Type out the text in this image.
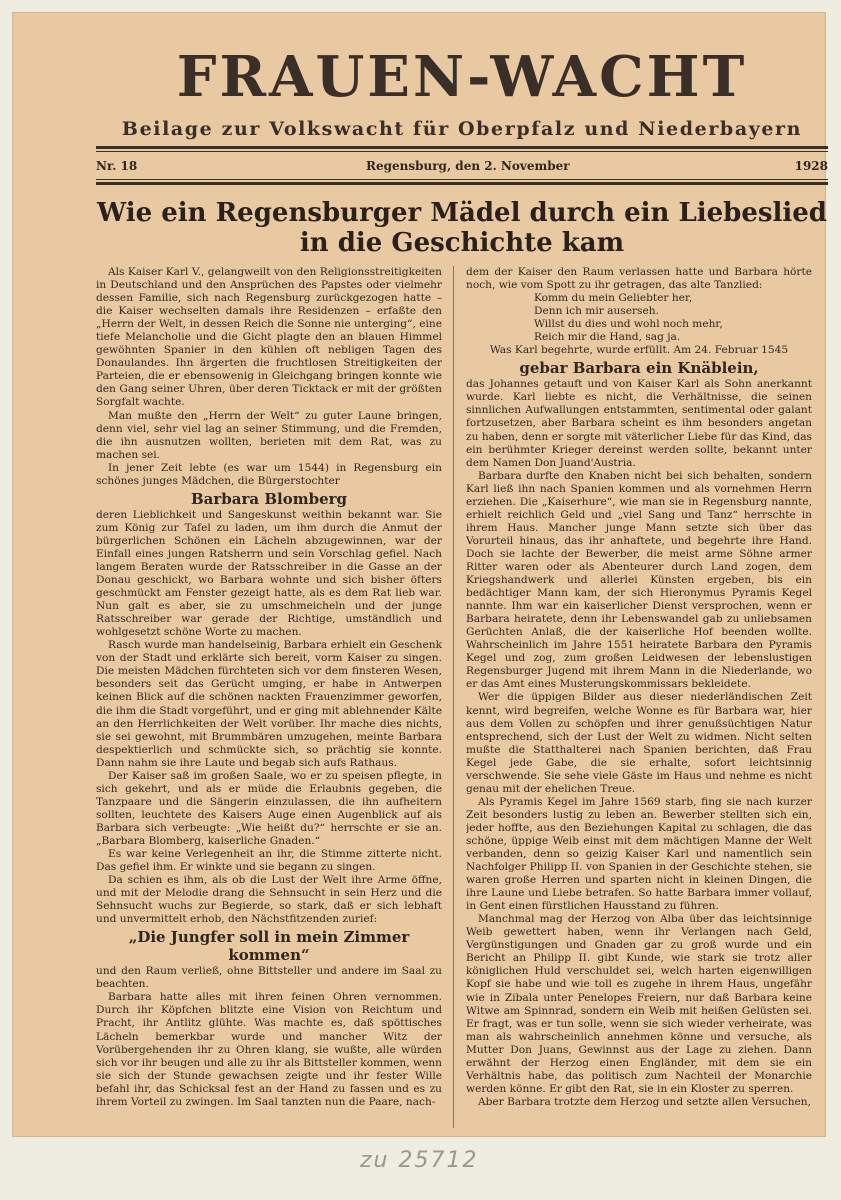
FRAUEN-WACHT
Beilage zur Volkswacht für Oberpfalz und Niederbayern
Nr. 18	Regensburg, den 2. November	1928
Wie ein Regensburger Mädel durch ein Liebeslied in die Geschichte kam

Als Kaiser Karl V., gelangweilt von den Religionsstreitigkeiten in Deutschland und den Ansprüchen des Papstes oder vielmehr dessen Familie, sich nach Regensburg zurückgezogen hatte – die Kaiser wechselten damals ihre Residenzen – erfaßte den „Herrn der Welt, in dessen Reich die Sonne nie unterging“, eine tiefe Melancholie und die Gicht plagte den an blauen Himmel gewöhnten Spanier in den kühlen oft nebligen Tagen des Donaulandes. Ihn ärgerten die fruchtlosen Streitigkeiten der Parteien, die er ebensowenig in Gleichgang bringen konnte wie den Gang seiner Uhren, über deren Ticktack er mit der größten Sorgfalt wachte.

Man mußte den „Herrn der Welt“ zu guter Laune bringen, denn viel, sehr viel lag an seiner Stimmung, und die Fremden, die ihn ausnutzen wollten, berieten mit dem Rat, was zu machen sei.

In jener Zeit lebte (es war um 1544) in Regensburg ein schönes junges Mädchen, die Bürgerstochter

Barbara Blomberg

deren Lieblichkeit und Sangeskunst weithin bekannt war. Sie zum König zur Tafel zu laden, um ihm durch die Anmut der bürgerlichen Schönen ein Lächeln abzugewinnen, war der Einfall eines jungen Ratsherrn und sein Vorschlag gefiel. Nach langem Beraten wurde der Ratsschreiber in die Gasse an der Donau geschickt, wo Barbara wohnte und sich bisher öfters geschmückt am Fenster gezeigt hatte, als es dem Rat lieb war. Nun galt es aber, sie zu umschmeicheln und der junge Ratsschreiber war gerade der Richtige, umständlich und wohlgesetzt schöne Worte zu machen.

Rasch wurde man handelseinig, Barbara erhielt ein Geschenk von der Stadt und erklärte sich bereit, vorm Kaiser zu singen. Die meisten Mädchen fürchteten sich vor dem finsteren Wesen, besonders seit das Gerücht umging, er habe in Antwerpen keinen Blick auf die schönen nackten Frauenzimmer geworfen, die ihm die Stadt vorgeführt, und er ging mit ablehnender Kälte an den Herrlichkeiten der Welt vorüber. Ihr mache dies nichts, sie sei gewohnt, mit Brummbären umzugehen, meinte Barbara despektierlich und schmückte sich, so prächtig sie konnte. Dann nahm sie ihre Laute und begab sich aufs Rathaus.

Der Kaiser saß im großen Saale, wo er zu speisen pflegte, in sich gekehrt, und als er müde die Erlaubnis gegeben, die Tanzpaare und die Sängerin einzulassen, die ihn aufheitern sollten, leuchtete des Kaisers Auge einen Augenblick auf als Barbara sich verbeugte: „Wie heißt du?“ herrschte er sie an. „Barbara Blomberg, kaiserliche Gnaden.“

Es war keine Verlegenheit an ihr, die Stimme zitterte nicht. Das gefiel ihm. Er winkte und sie begann zu singen.

Da schien es ihm, als ob die Lust der Welt ihre Arme öffne, und mit der Melodie drang die Sehnsucht in sein Herz und die Sehnsucht wuchs zur Begierde, so stark, daß er sich lebhaft und unvermittelt erhob, den Nächstfitzenden zurief:

„Die Jungfer soll in mein Zimmer kommen“

und den Raum verließ, ohne Bittsteller und andere im Saal zu beachten.

Barbara hatte alles mit ihren feinen Ohren vernommen. Durch ihr Köpfchen blitzte eine Vision von Reichtum und Pracht, ihr Antlitz glühte. Was machte es, daß spöttisches Lächeln bemerkbar wurde und mancher Witz der Vorübergehenden ihr zu Ohren klang, sie wußte, alle würden sich vor ihr beugen und alle zu ihr als Bittsteller kommen, wenn sie sich der Stunde gewachsen zeigte und ihr fester Wille befahl ihr, das Schicksal fest an der Hand zu fassen und es zu ihrem Vorteil zu zwingen. Im Saal tanzten nun die Paare, nach-

dem der Kaiser den Raum verlassen hatte und Barbara hörte noch, wie vom Spott zu ihr getragen, das alte Tanzlied:

Komm du mein Geliebter her,

Denn ich mir auserseh.

Willst du dies und wohl noch mehr,

Reich mir die Hand, sag ja.

Was Karl begehrte, wurde erfüllt. Am 24. Februar 1545

gebar Barbara ein Knäblein,

das Johannes getauft und von Kaiser Karl als Sohn anerkannt wurde. Karl liebte es nicht, die Verhältnisse, die seinen sinnlichen Aufwallungen entstammten, sentimental oder galant fortzusetzen, aber Barbara scheint es ihm besonders angetan zu haben, denn er sorgte mit väterlicher Liebe für das Kind, das ein berühmter Krieger dereinst werden sollte, bekannt unter dem Namen Don Juand'Austria.

Barbara durfte den Knaben nicht bei sich behalten, sondern Karl ließ ihn nach Spanien kommen und als vornehmen Herrn erziehen. Die „Kaiserhure“, wie man sie in Regensburg nannte, erhielt reichlich Geld und „viel Sang und Tanz“ herrschte in ihrem Haus. Mancher junge Mann setzte sich über das Vorurteil hinaus, das ihr anhaftete, und begehrte ihre Hand. Doch sie lachte der Bewerber, die meist arme Söhne armer Ritter waren oder als Abenteurer durch Land zogen, dem Kriegshandwerk und allerlei Künsten ergeben, bis ein bedächtiger Mann kam, der sich Hieronymus Pyramis Kegel nannte. Ihm war ein kaiserlicher Dienst versprochen, wenn er Barbara heiratete, denn ihr Lebenswandel gab zu unliebsamen Gerüchten Anlaß, die der kaiserliche Hof beenden wollte. Wahrscheinlich im Jahre 1551 heiratete Barbara den Pyramis Kegel und zog, zum großen Leidwesen der lebenslustigen Regensburger Jugend mit ihrem Mann in die Niederlande, wo er das Amt eines Musterungskommissars bekleidete.

Wer die üppigen Bilder aus dieser niederländischen Zeit kennt, wird begreifen, welche Wonne es für Barbara war, hier aus dem Vollen zu schöpfen und ihrer genußsüchtigen Natur entsprechend, sich der Lust der Welt zu widmen. Nicht selten mußte die Statthalterei nach Spanien berichten, daß Frau Kegel jede Gabe, die sie erhalte, sofort leichtsinnig verschwende. Sie sehe viele Gäste im Haus und nehme es nicht genau mit der ehelichen Treue.

Als Pyramis Kegel im Jahre 1569 starb, fing sie nach kurzer Zeit besonders lustig zu leben an. Bewerber stellten sich ein, jeder hoffte, aus den Beziehungen Kapital zu schlagen, die das schöne, üppige Weib einst mit dem mächtigen Manne der Welt verbanden, denn so geizig Kaiser Karl und namentlich sein Nachfolger Philipp II. von Spanien in der Geschichte stehen, sie waren große Herren und sparten nicht in kleinen Dingen, die ihre Laune und Liebe betrafen. So hatte Barbara immer vollauf, in Gent einen fürstlichen Hausstand zu führen.

Manchmal mag der Herzog von Alba über das leichtsinnige Weib gewettert haben, wenn ihr Verlangen nach Geld, Vergünstigungen und Gnaden gar zu groß wurde und ein Bericht an Philipp II. gibt Kunde, wie stark sie trotz aller königlichen Huld verschuldet sei, welch harten eigenwilligen Kopf sie habe und wie toll es zugehe in ihrem Haus, ungefähr wie in Zibala unter Penelopes Freiern, nur daß Barbara keine Witwe am Spinnrad, sondern ein Weib mit heißen Gelüsten sei. Er fragt, was er tun solle, wenn sie sich wieder verheirate, was man als wahrscheinlich annehmen könne und versuche, als Mutter Don Juans, Gewinnst aus der Lage zu ziehen. Dann erwähnt der Herzog einen Engländer, mit dem sie ein Verhältnis habe, das politisch zum Nachteil der Monarchie werden könne. Er gibt den Rat, sie in ein Kloster zu sperren.

Aber Barbara trotzte dem Herzog und setzte allen Versuchen,

zu 25712
